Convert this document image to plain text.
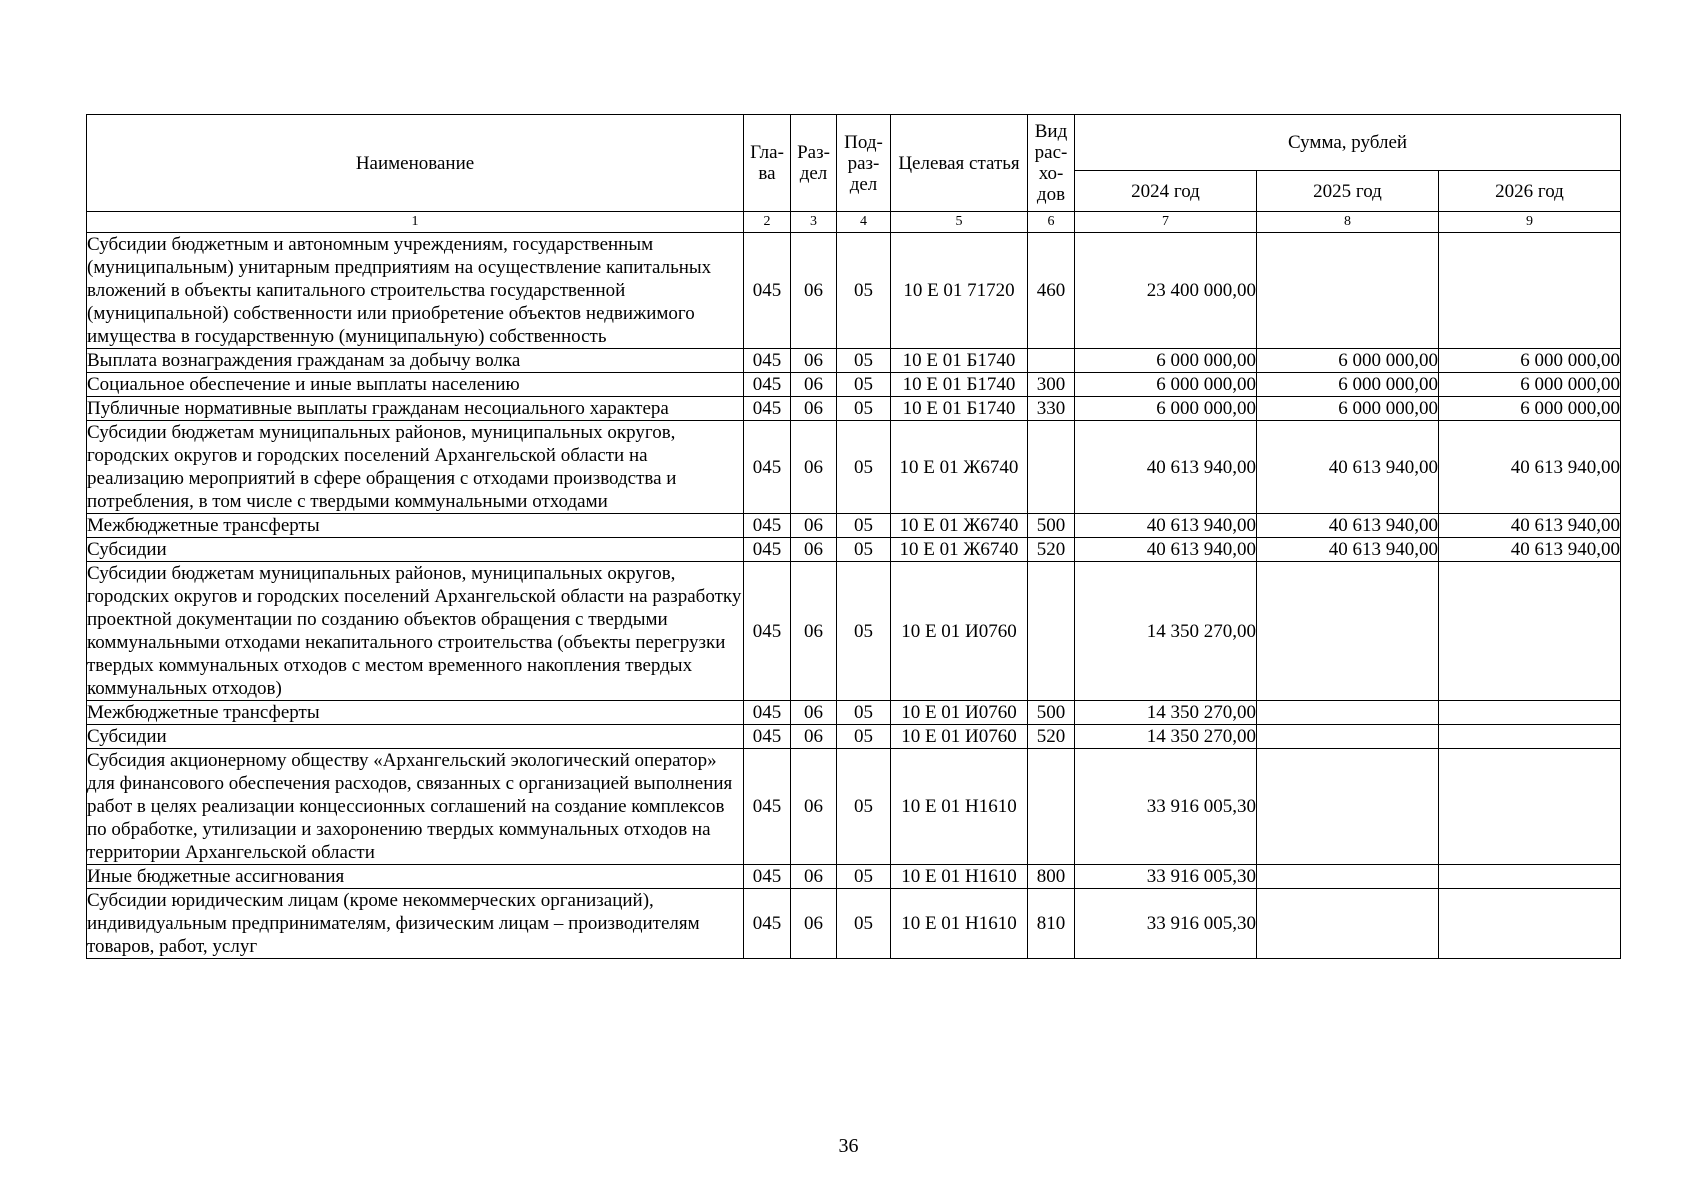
Наименование	Гла-ва	Раз-дел	Под-раз-дел	Целевая статья	Вид рас-хо-дов	Сумма, рублей		
						2024 год	2025 год	2026 год
1	2	3	4	5	6	7	8	9
Субсидии бюджетным и автономным учреждениям, государственным (муниципальным) унитарным предприятиям на осуществление капитальных вложений в объекты капитального строительства государственной (муниципальной) собственности или приобретение объектов недвижимого имущества в государственную (муниципальную) собственность	045	06	05	10 Е 01 71720	460	23 400 000,00		
Выплата вознаграждения гражданам за добычу волка	045	06	05	10 Е 01 Б1740		6 000 000,00	6 000 000,00	6 000 000,00
Социальное обеспечение и иные выплаты населению	045	06	05	10 Е 01 Б1740	300	6 000 000,00	6 000 000,00	6 000 000,00
Публичные нормативные выплаты гражданам несоциального характера	045	06	05	10 Е 01 Б1740	330	6 000 000,00	6 000 000,00	6 000 000,00
Субсидии бюджетам муниципальных районов, муниципальных округов, городских округов и городских поселений Архангельской области на реализацию мероприятий в сфере обращения с отходами производства и потребления, в том числе с твердыми коммунальными отходами	045	06	05	10 Е 01 Ж6740		40 613 940,00	40 613 940,00	40 613 940,00
Межбюджетные трансферты	045	06	05	10 Е 01 Ж6740	500	40 613 940,00	40 613 940,00	40 613 940,00
Субсидии	045	06	05	10 Е 01 Ж6740	520	40 613 940,00	40 613 940,00	40 613 940,00
Субсидии бюджетам муниципальных районов, муниципальных округов, городских округов и городских поселений Архангельской области на разработку проектной документации по созданию объектов обращения с твердыми коммунальными отходами некапитального строительства (объекты перегрузки твердых коммунальных отходов с местом временного накопления твердых коммунальных отходов)	045	06	05	10 Е 01 И0760		14 350 270,00		
Межбюджетные трансферты	045	06	05	10 Е 01 И0760	500	14 350 270,00		
Субсидии	045	06	05	10 Е 01 И0760	520	14 350 270,00		
Субсидия акционерному обществу «Архангельский экологический оператор» для финансового обеспечения расходов, связанных с организацией выполнения работ в целях реализации концессионных соглашений на создание комплексов по обработке, утилизации и захоронению твердых коммунальных отходов на территории Архангельской области	045	06	05	10 Е 01 Н1610		33 916 005,30		
Иные бюджетные ассигнования	045	06	05	10 Е 01 Н1610	800	33 916 005,30		
Субсидии юридическим лицам (кроме некоммерческих организаций), индивидуальным предпринимателям, физическим лицам – производителям товаров, работ, услуг	045	06	05	10 Е 01 Н1610	810	33 916 005,30		
36
